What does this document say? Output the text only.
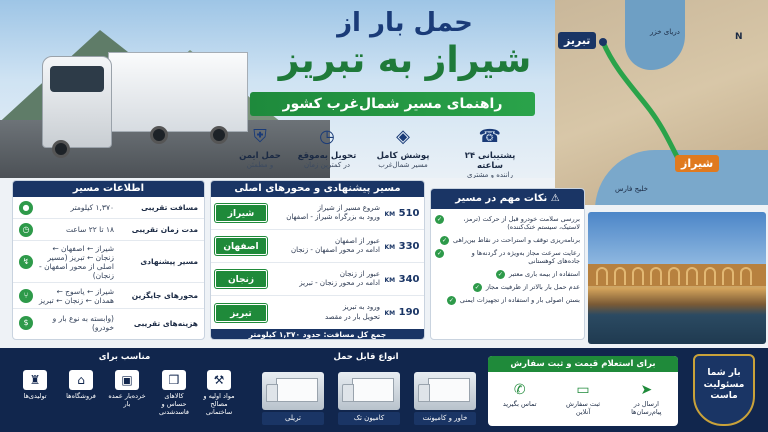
حمل بار از
شیراز به تبریز
راهنمای مسیر شمال‌غرب کشور
☎
پشتیبانی ۲۴ ساعته
راننده و مشتری
◈
پوشش کامل
مسیر شمال‌غرب
◷
تحویل به‌موقع
در کمترین زمان
⛨
حمل ایمن
و مطمئن
تبریز
شیراز
دریای خزر
خلیج فارس
N
اطلاعات مسیر
مسافت تقریبی
۱,۳۷۰ کیلومتر
●
مدت زمان تقریبی
۱۸ تا ۲۲ ساعت
◷
مسیر پیشنهادی
شیراز ← اصفهان ← زنجان ← تبریز (مسیر اصلی از محور اصفهان - زنجان)
↯
محورهای جایگزین
شیراز ← یاسوج ← همدان ← زنجان ← تبریز
⑂
هزینه‌های تقریبی
(وابسته به نوع بار و خودرو)
$
مسیر پیشنهادی و محورهای اصلی
510 KM
شروع مسیر از شیراز
ورود به بزرگراه شیراز - اصفهان
شیراز
330 KM
عبور از اصفهان
ادامه در محور اصفهان - زنجان
اصفهان
340 KM
عبور از زنجان
ادامه در محور زنجان - تبریز
زنجان
190 KM
ورود به تبریز
تحویل بار در مقصد
تبریز
جمع کل مسافت: حدود ۱,۳۷۰ کیلومتر
⚠ نکات مهم در مسیر
بررسی سلامت خودرو قبل از حرکت (ترمز، لاستیک، سیستم خنک‌کننده)
✓
برنامه‌ریزی توقف و استراحت در نقاط بین‌راهی
✓
رعایت سرعت مجاز به‌ویژه در گردنه‌ها و جاده‌های کوهستانی
✓
استفاده از بیمه باری معتبر
✓
عدم حمل بار بالاتر از ظرفیت مجاز
✓
بستن اصولی بار و استفاده از تجهیزات ایمنی
✓
مناسب برای
⚒
مواد اولیه و مصالح ساختمانی
❒
کالاهای حساس و فاسدشدنی
▣
خرده‌بار عمده بار
⌂
فروشگاه‌ها
♜
تولیدی‌ها
انواع قابل حمل
خاور و کامیونت
کامیون تک
تریلی
برای استعلام قیمت و ثبت سفارش
➤
ارسال در پیام‌رسان‌ها
▭
ثبت سفارش آنلاین
✆
تماس بگیرید
بار شما
مسئولیت
ماست
